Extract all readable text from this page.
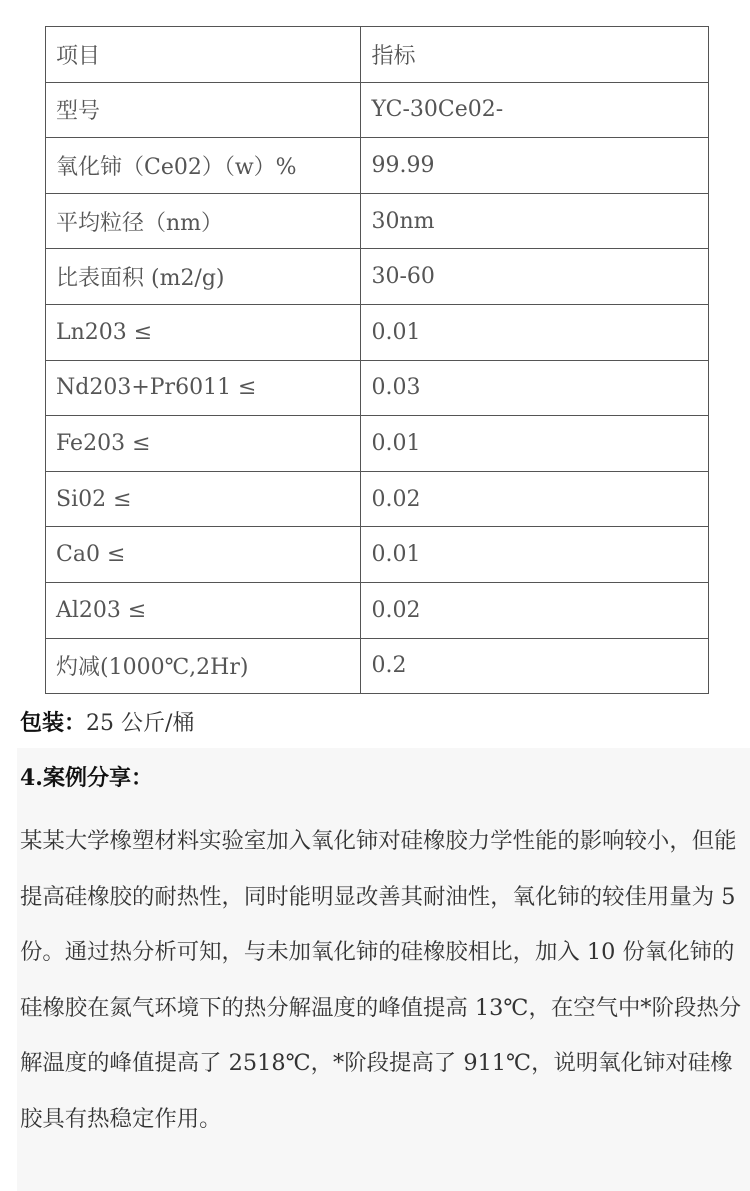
项目	指标
型号	YC-30Ce02-
氧化铈（Ce02）（w）%	99.99
平均粒径（nm）	30nm
比表面积 (m2/g)	30-60
Ln203 ≤	0.01
Nd203+Pr6011 ≤	0.03
Fe203 ≤	0.01
Si02 ≤	0.02
Ca0 ≤	0.01
Al203 ≤	0.02
灼减(1000℃,2Hr)	0.2
包装：25 公斤/桶
4.案例分享：

某某大学橡塑材料实验室加入氧化铈对硅橡胶力学性能的影响较小，但能提高硅橡胶的耐热性，同时能明显改善其耐油性，氧化铈的较佳用量为 5 份。通过热分析可知，与未加氧化铈的硅橡胶相比，加入 10 份氧化铈的硅橡胶在氮气环境下的热分解温度的峰值提高 13℃，在空气中*阶段热分解温度的峰值提高了 2518℃，*阶段提高了 911℃，说明氧化铈对硅橡胶具有热稳定作用。
